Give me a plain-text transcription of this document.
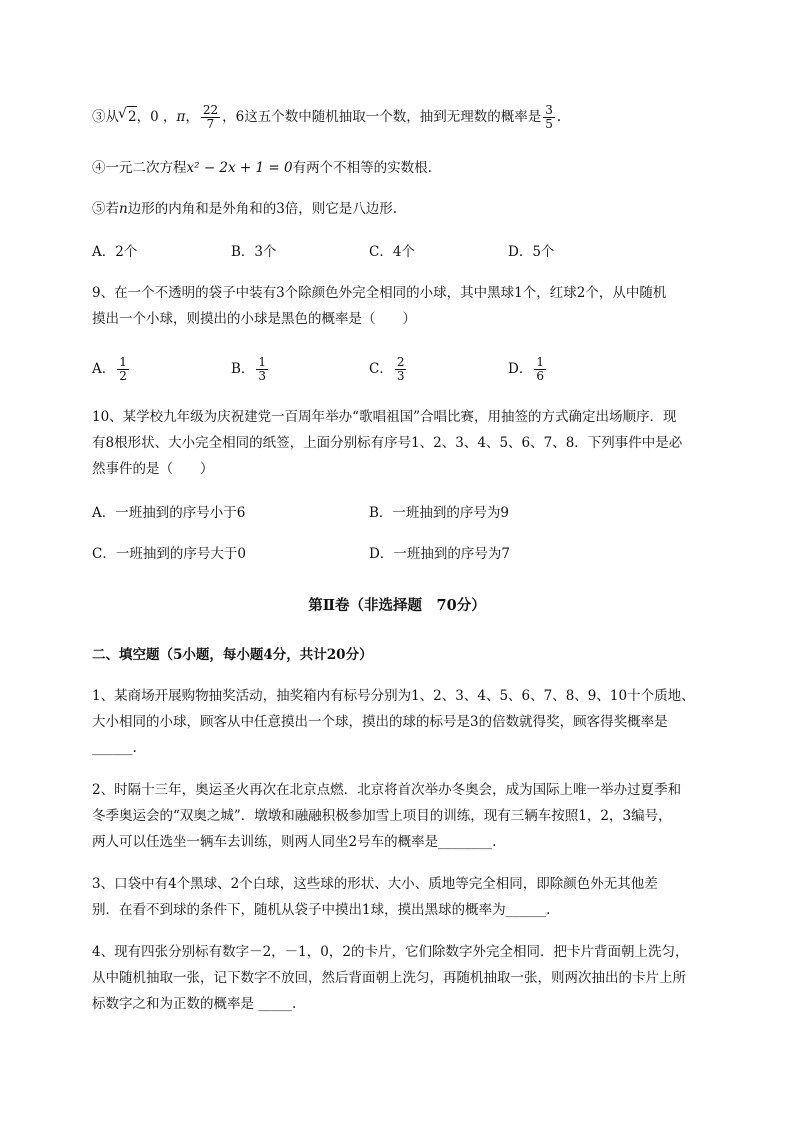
③从√ 2，0 ，π， $\frac{22}{7}$ ，6这五个数中随机抽取一个数，抽到无理数的概率是 $\frac{3}{5}$ .
④一元二次方程x² − 2x + 1 = 0有两个不相等的实数根.
⑤若n边形的内角和是外角和的3倍，则它是八边形.
A．2个	B．3个	C．4个	D．5个
9、在一个不透明的袋子中装有3个除颜色外完全相同的小球，其中黑球1个，红球2个，从中随机
摸出一个小球，则摸出的小球是黑色的概率是（　　）
A． $\frac{1}{2}$	B． $\frac{1}{3}$	C． $\frac{2}{3}$	D． $\frac{1}{6}$
10、某学校九年级为庆祝建党一百周年举办“歌唱祖国”合唱比赛，用抽签的方式确定出场顺序．现
有8根形状、大小完全相同的纸签，上面分别标有序号1、2、3、4、5、6、7、8．下列事件中是必
然事件的是（　　）
A．一班抽到的序号小于6	B．一班抽到的序号为9
C．一班抽到的序号大于0	D．一班抽到的序号为7
第Ⅱ卷（非选择题　70分）
二、填空题（5小题，每小题4分，共计20分）
1、某商场开展购物抽奖活动，抽奖箱内有标号分别为1、2、3、4、5、6、7、8、9、10十个质地、
大小相同的小球，顾客从中任意摸出一个球，摸出的球的标号是3的倍数就得奖，顾客得奖概率是
______.
2、时隔十三年，奥运圣火再次在北京点燃．北京将首次举办冬奥会，成为国际上唯一举办过夏季和
冬季奥运会的“双奥之城”．墩墩和融融积极参加雪上项目的训练，现有三辆车按照1，2，3编号，
两人可以任选坐一辆车去训练，则两人同坐2号车的概率是________.
3、口袋中有4个黑球、2个白球，这些球的形状、大小、质地等完全相同，即除颜色外无其他差
别．在看不到球的条件下，随机从袋子中摸出1球，摸出黑球的概率为______.
4、现有四张分别标有数字－2，－1，0，2的卡片，它们除数字外完全相同．把卡片背面朝上洗匀，
从中随机抽取一张，记下数字不放回，然后背面朝上洗匀，再随机抽取一张，则两次抽出的卡片上所
标数字之和为正数的概率是 _____.
